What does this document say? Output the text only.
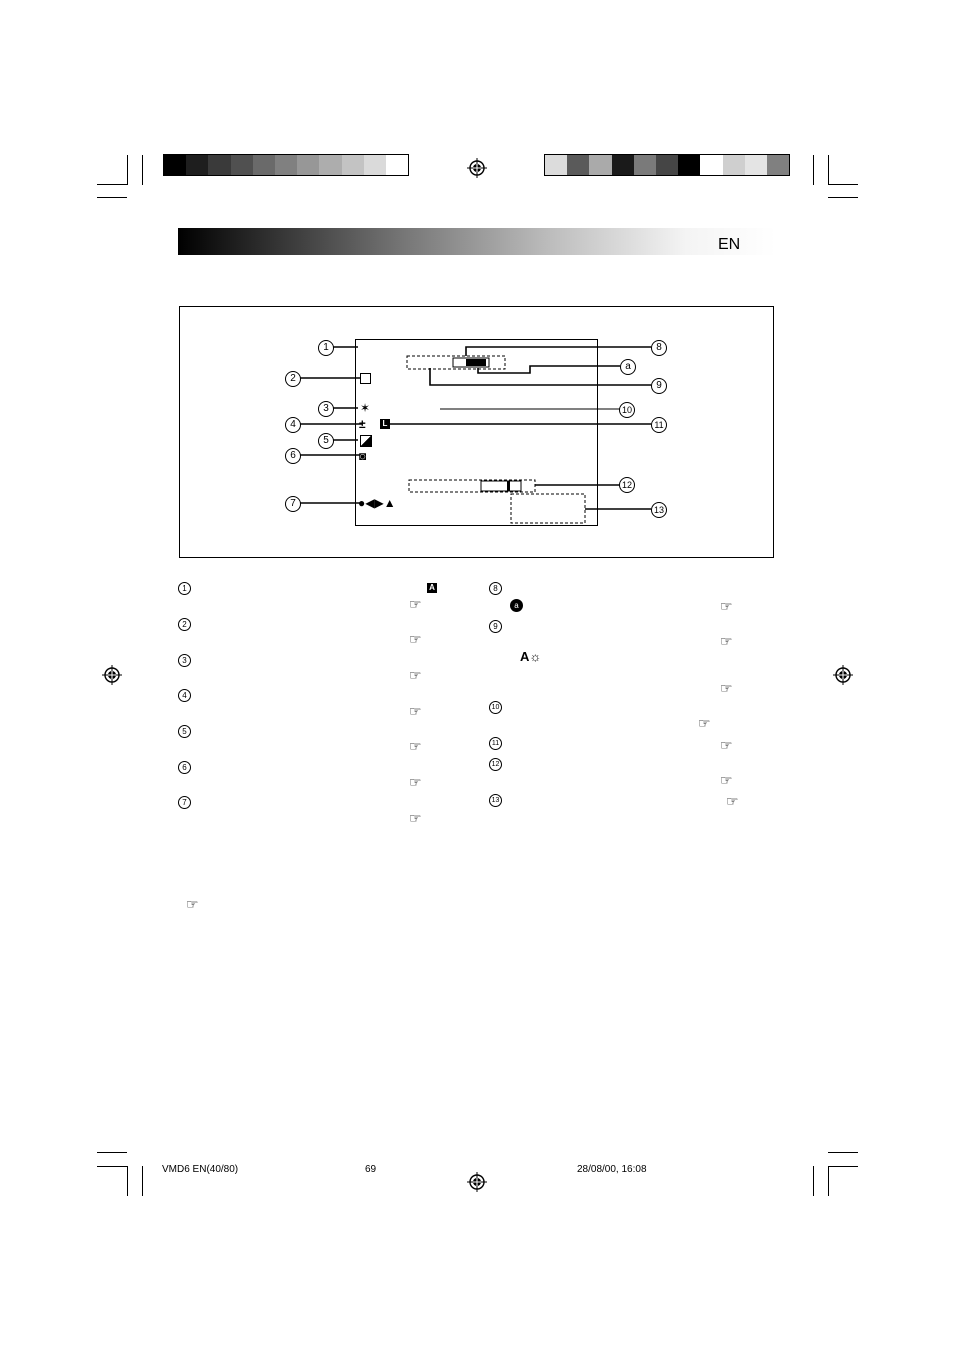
EN
✶
±	L
◙
●◀▶▲
1
2
3
4
5
6
7
8
a
9
10
11
12
13
1
2
3
4
5
6
7
A
☞
☞
☞
☞
☞
☞
☞
☞
8
a
9
A☼
10
11
12
13
☞
☞
☞
☞
☞
☞
☞
VMD6 EN(40/80)	69	28/08/00, 16:08
